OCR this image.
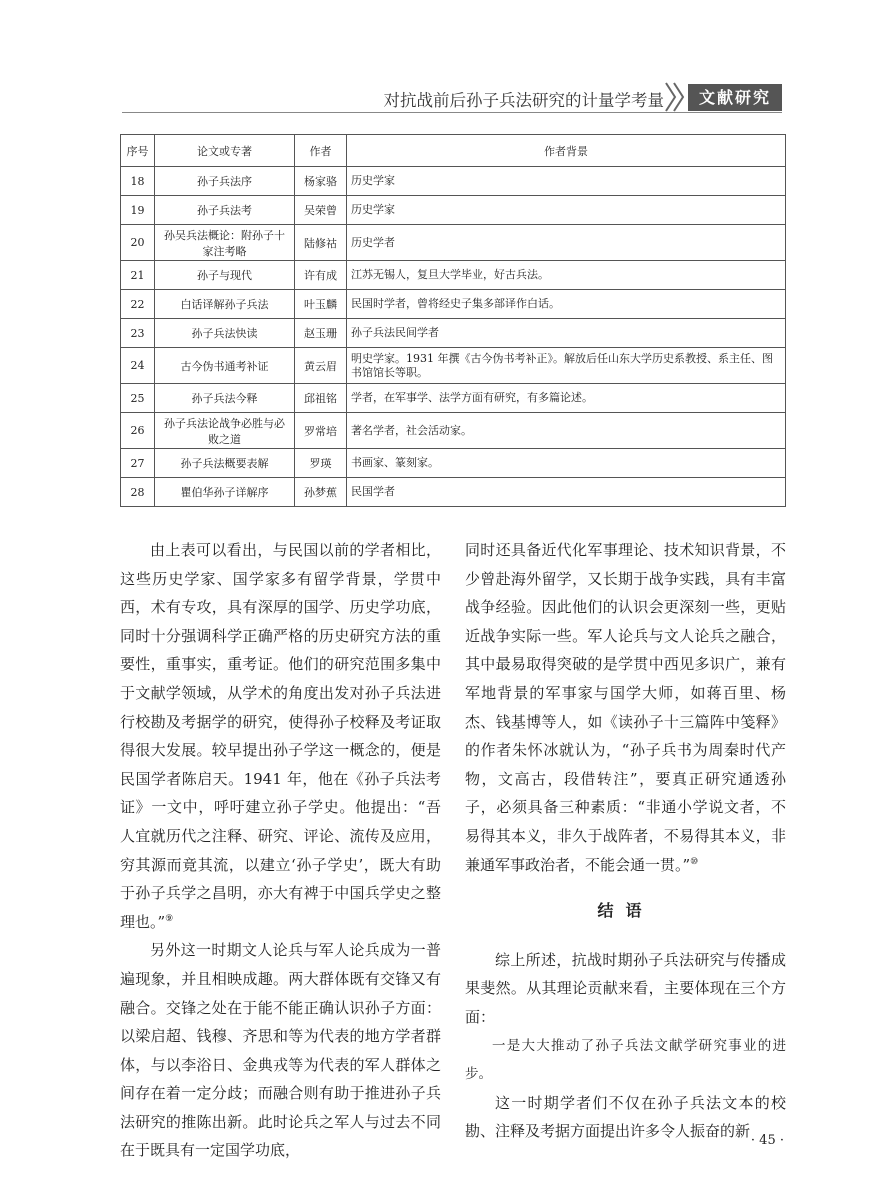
对抗战前后孙子兵法研究的计量学考量	文献研究
序号	论文或专著	作者	作者背景
18	孙子兵法序	杨家骆	历史学家
19	孙子兵法考	吴荣曾	历史学家
20	孙吴兵法概论：附孙子十家注考略	陆修祜	历史学者
21	孙子与现代	许有成	江苏无锡人，复旦大学毕业，好古兵法。
22	白话译解孙子兵法	叶玉麟	民国时学者，曾将经史子集多部译作白话。
23	孙子兵法快读	赵玉珊	孙子兵法民间学者
24	古今伪书通考补证	黄云眉	明史学家。1931 年撰《古今伪书考补正》。解放后任山东大学历史系教授、系主任、图书馆馆长等职。
25	孙子兵法今释	邱祖铭	学者，在军事学、法学方面有研究，有多篇论述。
26	孙子兵法论战争必胜与必败之道	罗常培	著名学者，社会活动家。
27	孙子兵法概要表解	罗瑛	书画家、篆刻家。
28	瞿伯华孙子详解序	孙梦蕉	民国学者

由上表可以看出，与民国以前的学者相比，这些历史学家、国学家多有留学背景，学贯中西，术有专攻，具有深厚的国学、历史学功底，同时十分强调科学正确严格的历史研究方法的重要性，重事实，重考证。他们的研究范围多集中于文献学领域，从学术的角度出发对孙子兵法进行校勘及考据学的研究，使得孙子校释及考证取得很大发展。较早提出孙子学这一概念的，便是民国学者陈启天。1941 年，他在《孙子兵法考证》一文中，呼吁建立孙子学史。他提出：“吾人宜就历代之注释、研究、评论、流传及应用，穷其源而竟其流，以建立‘孙子学史’，既大有助于孙子兵学之昌明，亦大有裨于中国兵学史之整理也。”⑨

另外这一时期文人论兵与军人论兵成为一普遍现象，并且相映成趣。两大群体既有交锋又有融合。交锋之处在于能不能正确认识孙子方面：以梁启超、钱穆、齐思和等为代表的地方学者群体，与以李浴日、金典戎等为代表的军人群体之间存在着一定分歧；而融合则有助于推进孙子兵法研究的推陈出新。此时论兵之军人与过去不同在于既具有一定国学功底，

同时还具备近代化军事理论、技术知识背景，不少曾赴海外留学，又长期于战争实践，具有丰富战争经验。因此他们的认识会更深刻一些，更贴近战争实际一些。军人论兵与文人论兵之融合，其中最易取得突破的是学贯中西见多识广，兼有军地背景的军事家与国学大师，如蒋百里、杨杰、钱基博等人，如《读孙子十三篇阵中笺释》的作者朱怀冰就认为，“孙子兵书为周秦时代产物，文高古，段借转注”，要真正研究通透孙子，必须具备三种素质：“非通小学说文者，不易得其本义，非久于战阵者，不易得其本义，非兼通军事政治者，不能会通一贯。”⑩

结语

综上所述，抗战时期孙子兵法研究与传播成果斐然。从其理论贡献来看，主要体现在三个方面：

一是大大推动了孙子兵法文献学研究事业的进步。

这一时期学者们不仅在孙子兵法文本的校勘、注释及考据方面提出许多令人振奋的新

· 45 ·
